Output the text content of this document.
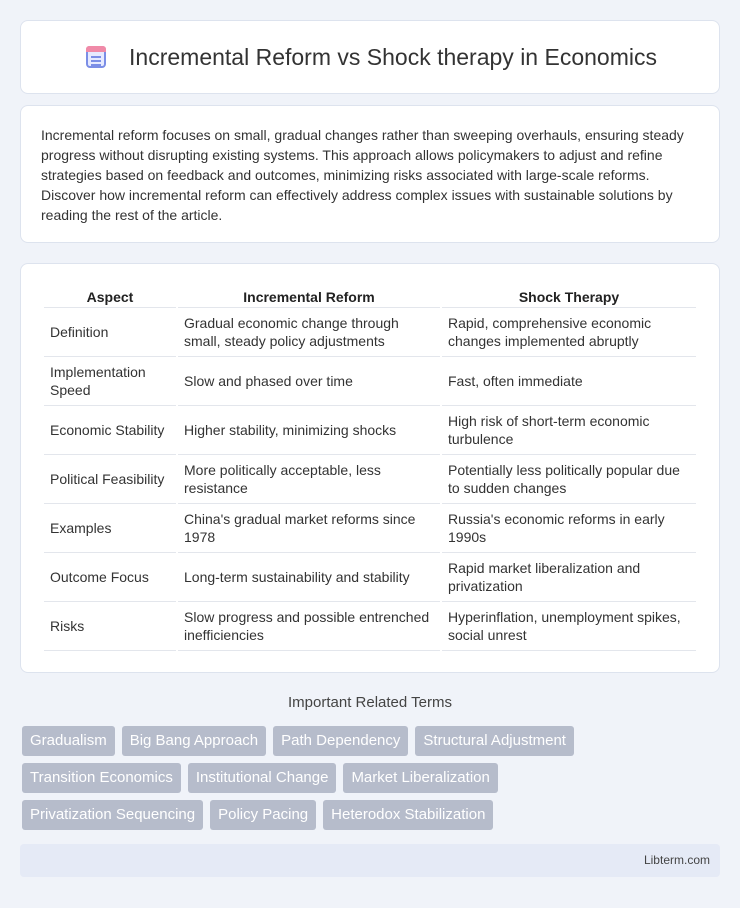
Incremental Reform vs Shock therapy in Economics

Incremental reform focuses on small, gradual changes rather than sweeping overhauls, ensuring steady progress without disrupting existing systems. This approach allows policymakers to adjust and refine strategies based on feedback and outcomes, minimizing risks associated with large-scale reforms. Discover how incremental reform can effectively address complex issues with sustainable solutions by reading the rest of the article.

Aspect	Incremental Reform	Shock Therapy
Definition	Gradual economic change through small, steady policy adjustments	Rapid, comprehensive economic changes implemented abruptly
Implementation Speed	Slow and phased over time	Fast, often immediate
Economic Stability	Higher stability, minimizing shocks	High risk of short-term economic turbulence
Political Feasibility	More politically acceptable, less resistance	Potentially less politically popular due to sudden changes
Examples	China's gradual market reforms since 1978	Russia's economic reforms in early 1990s
Outcome Focus	Long-term sustainability and stability	Rapid market liberalization and privatization
Risks	Slow progress and possible entrenched inefficiencies	Hyperinflation, unemployment spikes, social unrest
Important Related Terms
Gradualism	Big Bang Approach	Path Dependency	Structural Adjustment
Transition Economics	Institutional Change	Market Liberalization
Privatization Sequencing	Policy Pacing	Heterodox Stabilization
Libterm.com
